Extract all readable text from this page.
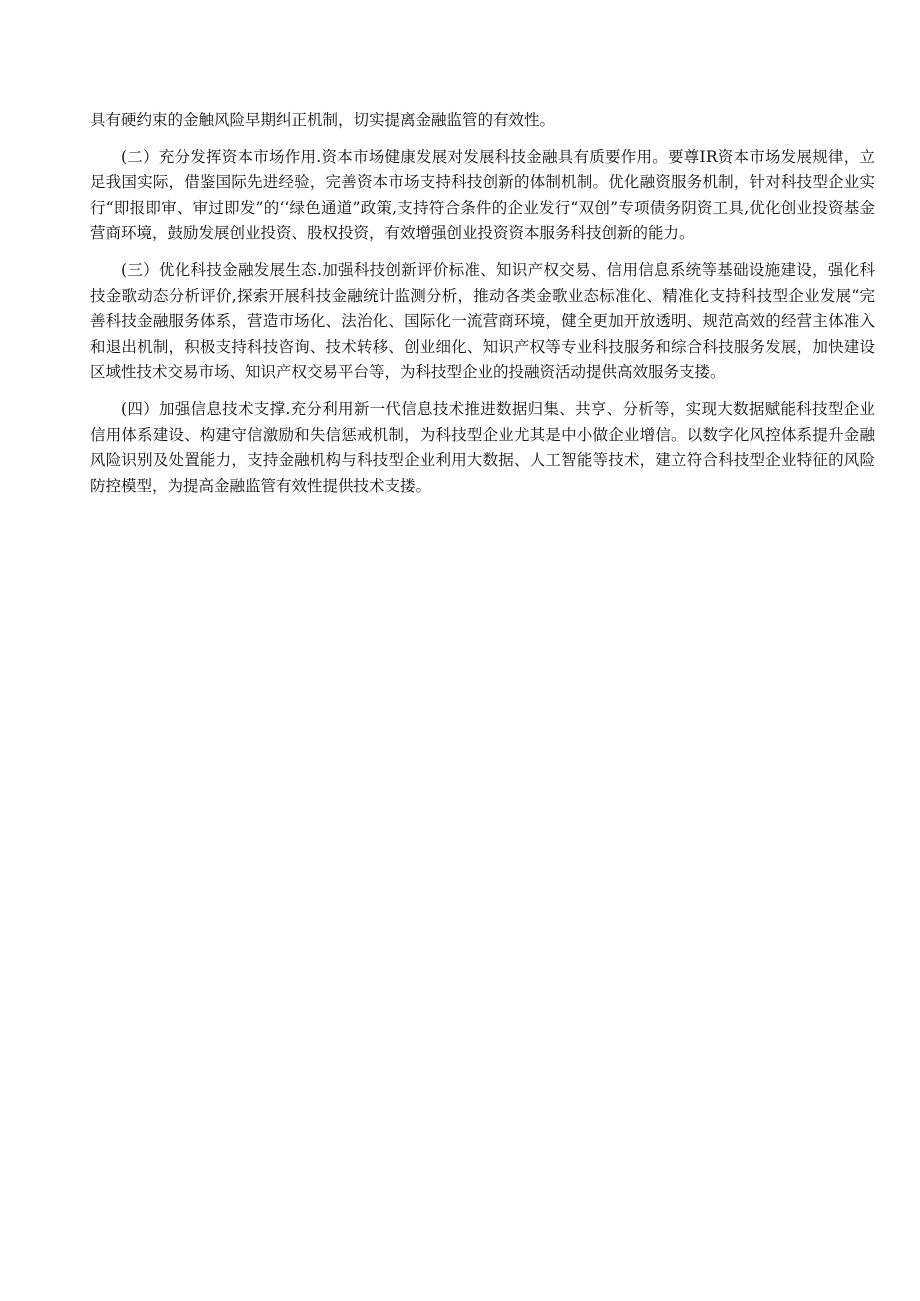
具有硬约束的金触风险早期纠正机制，切实提离金融监管的有效性。

(二）充分发挥资本市场作用.资本市场健康发展对发展科技金融具有质要作用。要尊ⅠR资本市场发展规律，立足我国实际，借鉴国际先进经验，完善资本市场支持科技创新的体制机制。优化融资服务机制，针对科技型企业实行“即报即审、审过即发”的‘‘绿色通道”政策,支持符合条件的企业发行“双创”专项债务阴资工具,优化创业投资基金营商环境，鼓励发展创业投资、股权投资，有效增强创业投资资本服务科技创新的能力。

(三）优化科技金融发展生态.加强科技创新评价标准、知识产权交易、信用信息系统等基础设施建设，强化科技金歌动态分析评价,探索开展科技金融统计监测分析，推动各类金歌业态标准化、精准化支持科技型企业发展“完善科技金融服务体系，营造市场化、法治化、国际化一流营商环境，健全更加开放透明、规范高效的经营主体准入和退出机制，积极支持科技咨询、技术转移、创业细化、知识产权等专业科技服务和综合科技服务发展，加快建设区域性技术交易市场、知识产权交易平台等，为科技型企业的投融资活动提供高效服务支搂。

(四）加强信息技术支撑.充分利用新一代信息技术推进数据归集、共亨、分析等，实现大数据赋能科技型企业信用体系建设、构建守信激励和失信惩戒机制，为科技型企业尤其是中小做企业增信。以数字化风控体系提升金融风险识别及处置能力，支持金融机构与科技型企业利用大数据、人工智能等技术，建立符合科技型企业特征的风险防控模型，为提高金融监管有效性提供技术支搂。
